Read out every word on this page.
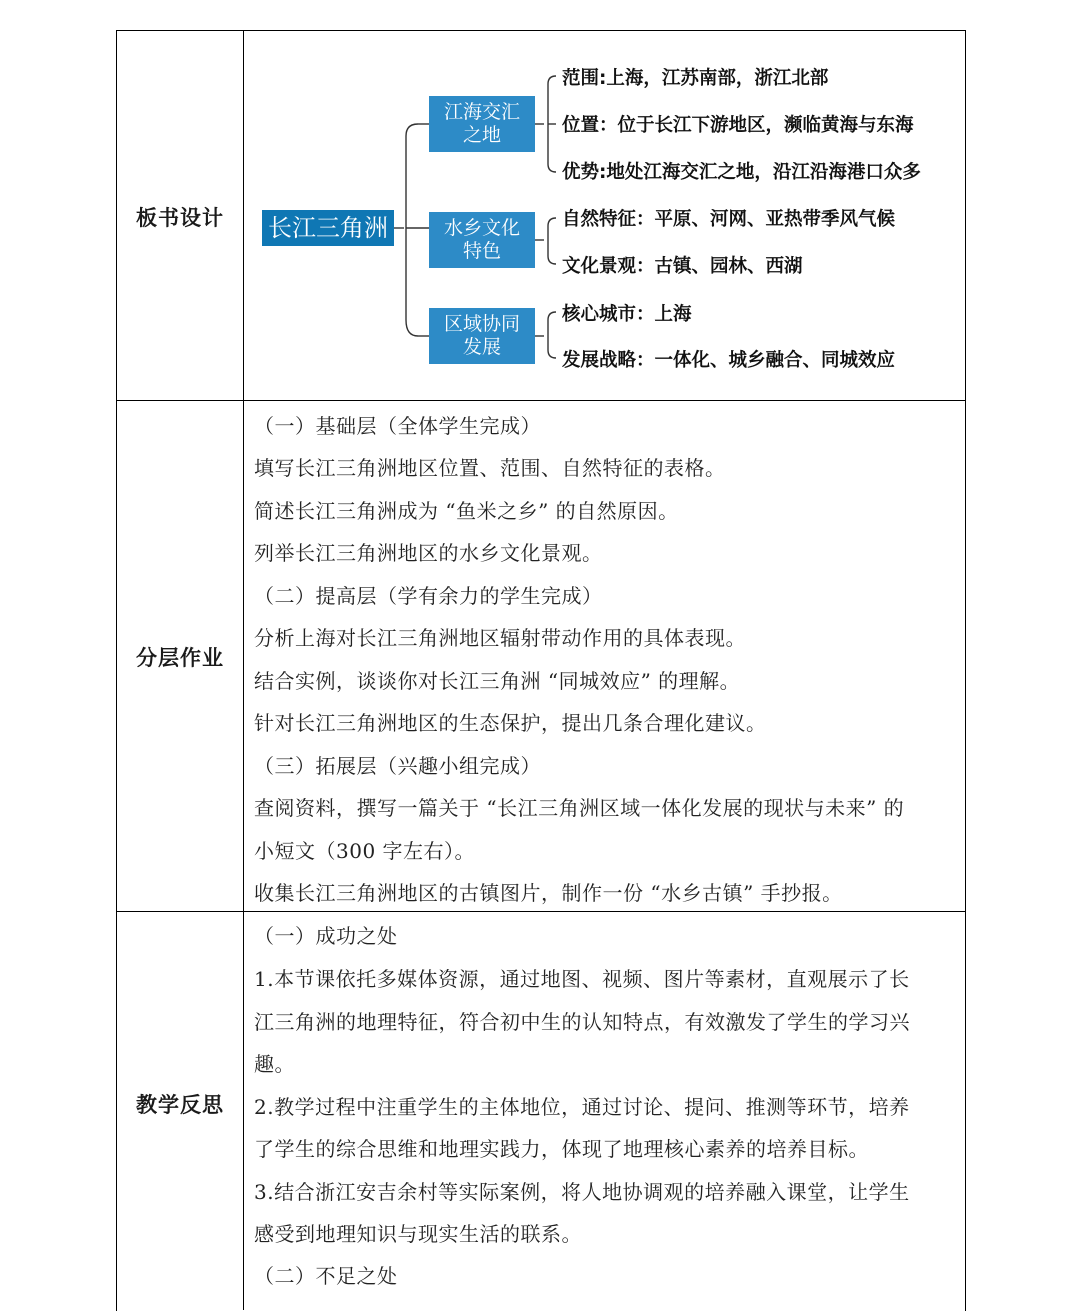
板书设计
分层作业
教学反思
长江三角洲
江海交汇
之地
水乡文化
特色
区域协同
发展
范围:上海，江苏南部，浙江北部
位置：位于长江下游地区，濒临黄海与东海
优势:地处江海交汇之地，沿江沿海港口众多
自然特征：平原、河网、亚热带季风气候
文化景观：古镇、园林、西湖
核心城市：上海
发展战略：一体化、城乡融合、同城效应
（一）基础层（全体学生完成）
填写长江三角洲地区位置、范围、自然特征的表格。
简述长江三角洲成为 “鱼米之乡” 的自然原因。
列举长江三角洲地区的水乡文化景观。
（二）提高层（学有余力的学生完成）
分析上海对长江三角洲地区辐射带动作用的具体表现。
结合实例，谈谈你对长江三角洲 “同城效应” 的理解。
针对长江三角洲地区的生态保护，提出几条合理化建议。
（三）拓展层（兴趣小组完成）
查阅资料，撰写一篇关于 “长江三角洲区域一体化发展的现状与未来” 的
小短文（300 字左右）。
收集长江三角洲地区的古镇图片，制作一份 “水乡古镇” 手抄报。
（一）成功之处
1.本节课依托多媒体资源，通过地图、视频、图片等素材，直观展示了长
江三角洲的地理特征，符合初中生的认知特点，有效激发了学生的学习兴
趣。
2.教学过程中注重学生的主体地位，通过讨论、提问、推测等环节，培养
了学生的综合思维和地理实践力，体现了地理核心素养的培养目标。
3.结合浙江安吉余村等实际案例，将人地协调观的培养融入课堂，让学生
感受到地理知识与现实生活的联系。
（二）不足之处
